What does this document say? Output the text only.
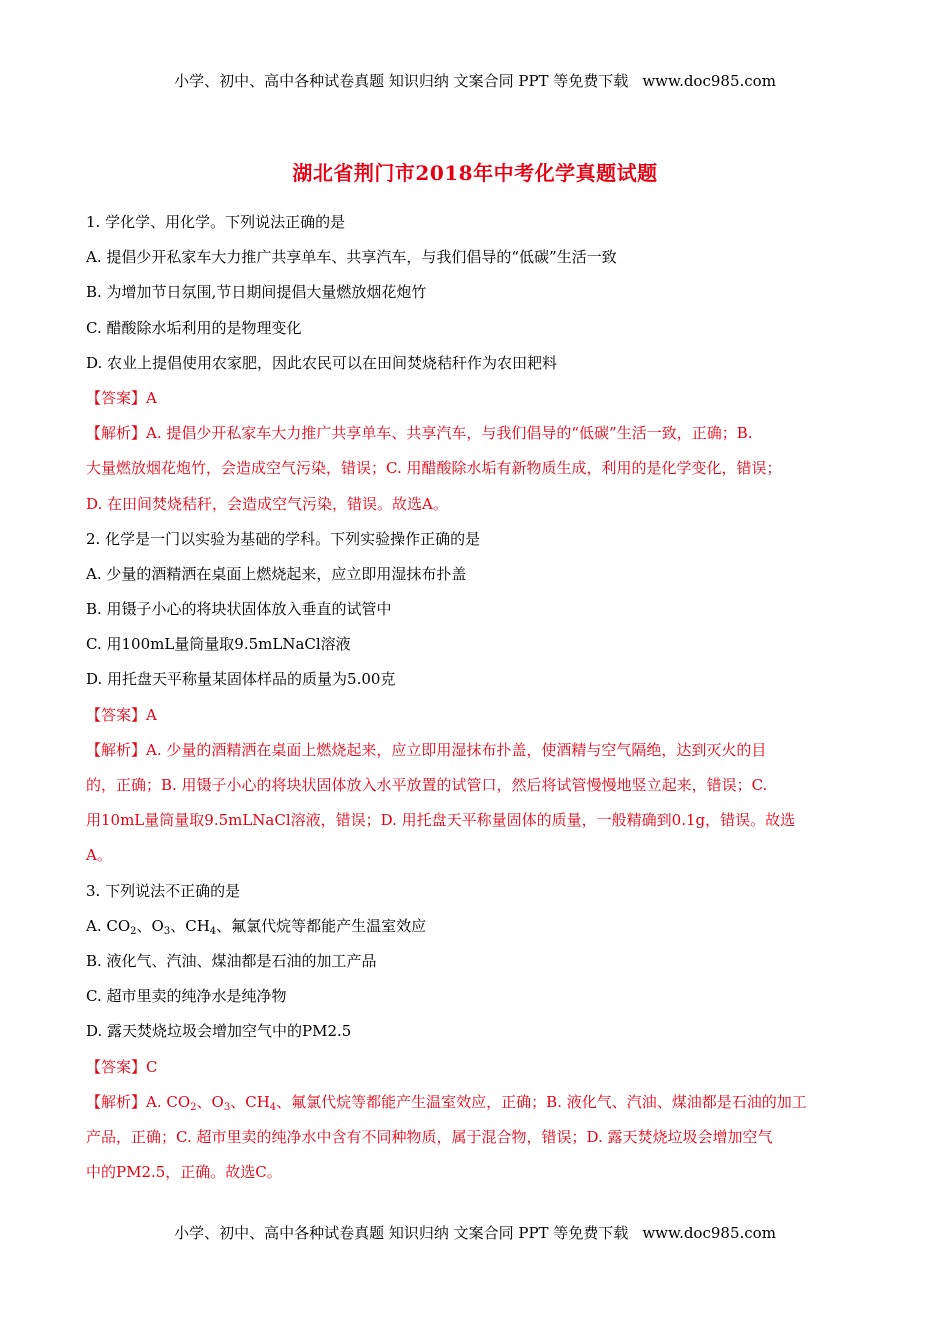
小学、初中、高中各种试卷真题 知识归纳 文案合同 PPT 等免费下载 www.doc985.com
湖北省荆门市2018年中考化学真题试题
1. 学化学、用化学。下列说法正确的是
A. 提倡少开私家车大力推广共享单车、共享汽车，与我们倡导的“低碳”生活一致
B. 为增加节日氛围,节日期间提倡大量燃放烟花炮竹
C. 醋酸除水垢利用的是物理变化
D. 农业上提倡使用农家肥，因此农民可以在田间焚烧秸秆作为农田耙料
【答案】A
【解析】A. 提倡少开私家车大力推广共享单车、共享汽车，与我们倡导的“低碳”生活一致，正确；B.
大量燃放烟花炮竹，会造成空气污染，错误；C. 用醋酸除水垢有新物质生成，利用的是化学变化，错误；
D. 在田间焚烧秸秆，会造成空气污染，错误。故选A。
2. 化学是一门以实验为基础的学科。下列实验操作正确的是
A. 少量的酒精洒在桌面上燃烧起来，应立即用湿抹布扑盖
B. 用镊子小心的将块状固体放入垂直的试管中
C. 用100mL量筒量取9.5mLNaCl溶液
D. 用托盘天平称量某固体样品的质量为5.00克
【答案】A
【解析】A. 少量的酒精洒在桌面上燃烧起来，应立即用湿抹布扑盖，使酒精与空气隔绝，达到灭火的目
的，正确；B. 用镊子小心的将块状固体放入水平放置的试管口，然后将试管慢慢地竖立起来，错误；C.
用10mL量筒量取9.5mLNaCl溶液，错误；D. 用托盘天平称量固体的质量，一般精确到0.1g，错误。故选
A。
3. 下列说法不正确的是
A. $CO_2$、$O_3$、$CH_4$、氟氯代烷等都能产生温室效应
B. 液化气、汽油、煤油都是石油的加工产品
C. 超市里卖的纯净水是纯净物
D. 露天焚烧垃圾会增加空气中的PM2.5
【答案】C
【解析】A. $CO_2$、$O_3$、$CH_4$、氟氯代烷等都能产生温室效应，正确；B. 液化气、汽油、煤油都是石油的加工
产品，正确；C. 超市里卖的纯净水中含有不同种物质，属于混合物，错误；D. 露天焚烧垃圾会增加空气
中的PM2.5，正确。故选C。
小学、初中、高中各种试卷真题 知识归纳 文案合同 PPT 等免费下载 www.doc985.com
